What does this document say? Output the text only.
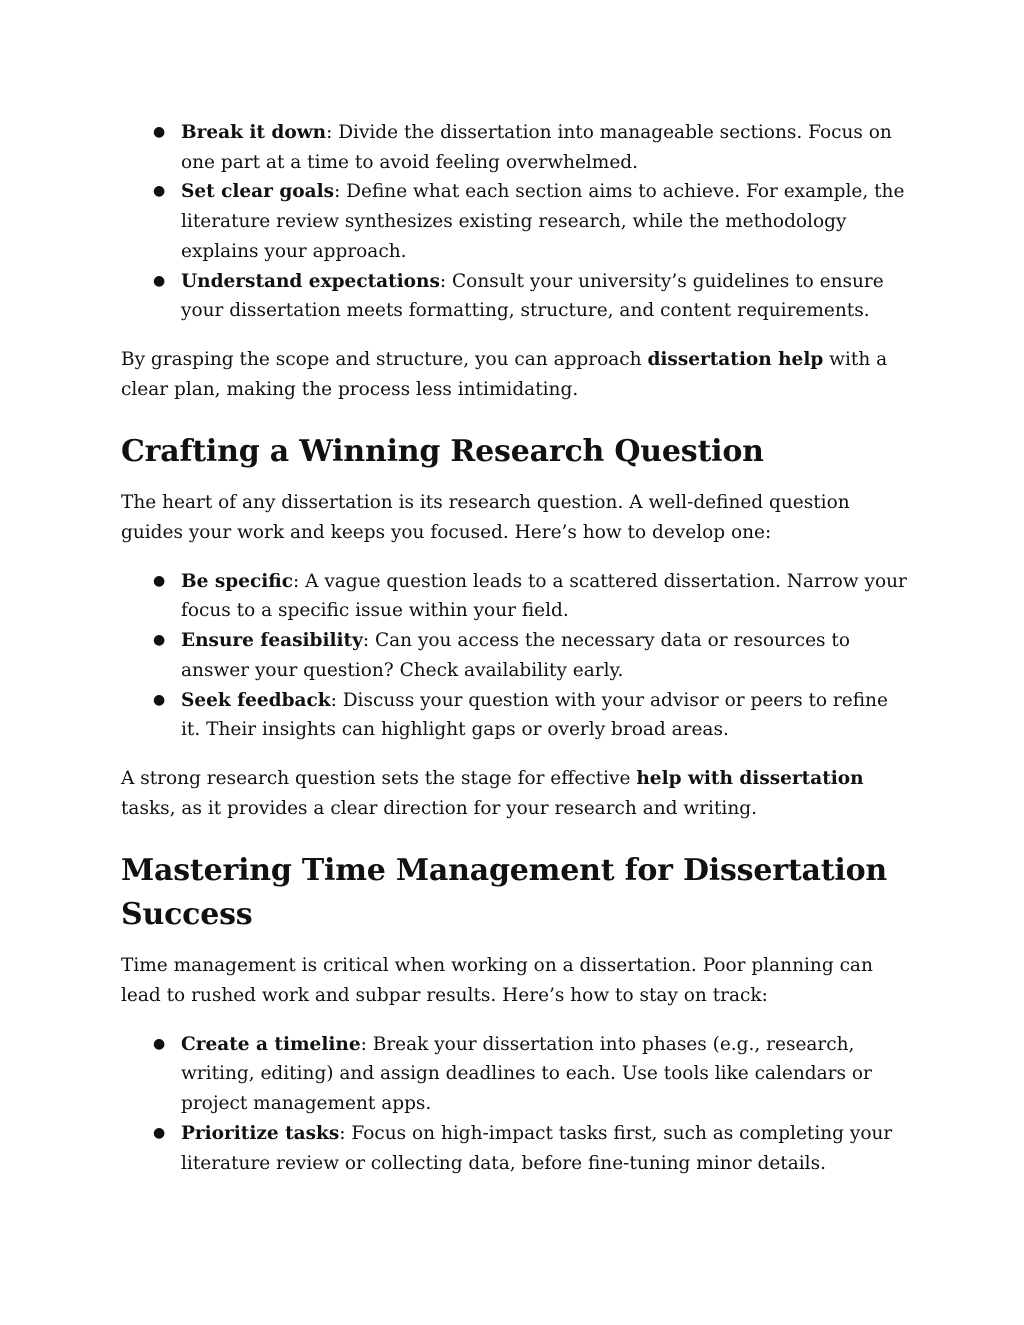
● Break it down: Divide the dissertation into manageable sections. Focus on one part at a time to avoid feeling overwhelmed.
● Set clear goals: Define what each section aims to achieve. For example, the literature review synthesizes existing research, while the methodology explains your approach.
● Understand expectations: Consult your university’s guidelines to ensure your dissertation meets formatting, structure, and content requirements.

By grasping the scope and structure, you can approach dissertation help with a clear plan, making the process less intimidating.

Crafting a Winning Research Question

The heart of any dissertation is its research question. A well-defined question guides your work and keeps you focused. Here’s how to develop one:

● Be specific: A vague question leads to a scattered dissertation. Narrow your focus to a specific issue within your field.
● Ensure feasibility: Can you access the necessary data or resources to answer your question? Check availability early.
● Seek feedback: Discuss your question with your advisor or peers to refine it. Their insights can highlight gaps or overly broad areas.

A strong research question sets the stage for effective help with dissertation tasks, as it provides a clear direction for your research and writing.

Mastering Time Management for Dissertation Success

Time management is critical when working on a dissertation. Poor planning can lead to rushed work and subpar results. Here’s how to stay on track:

● Create a timeline: Break your dissertation into phases (e.g., research, writing, editing) and assign deadlines to each. Use tools like calendars or project management apps.
● Prioritize tasks: Focus on high-impact tasks first, such as completing your literature review or collecting data, before fine-tuning minor details.
